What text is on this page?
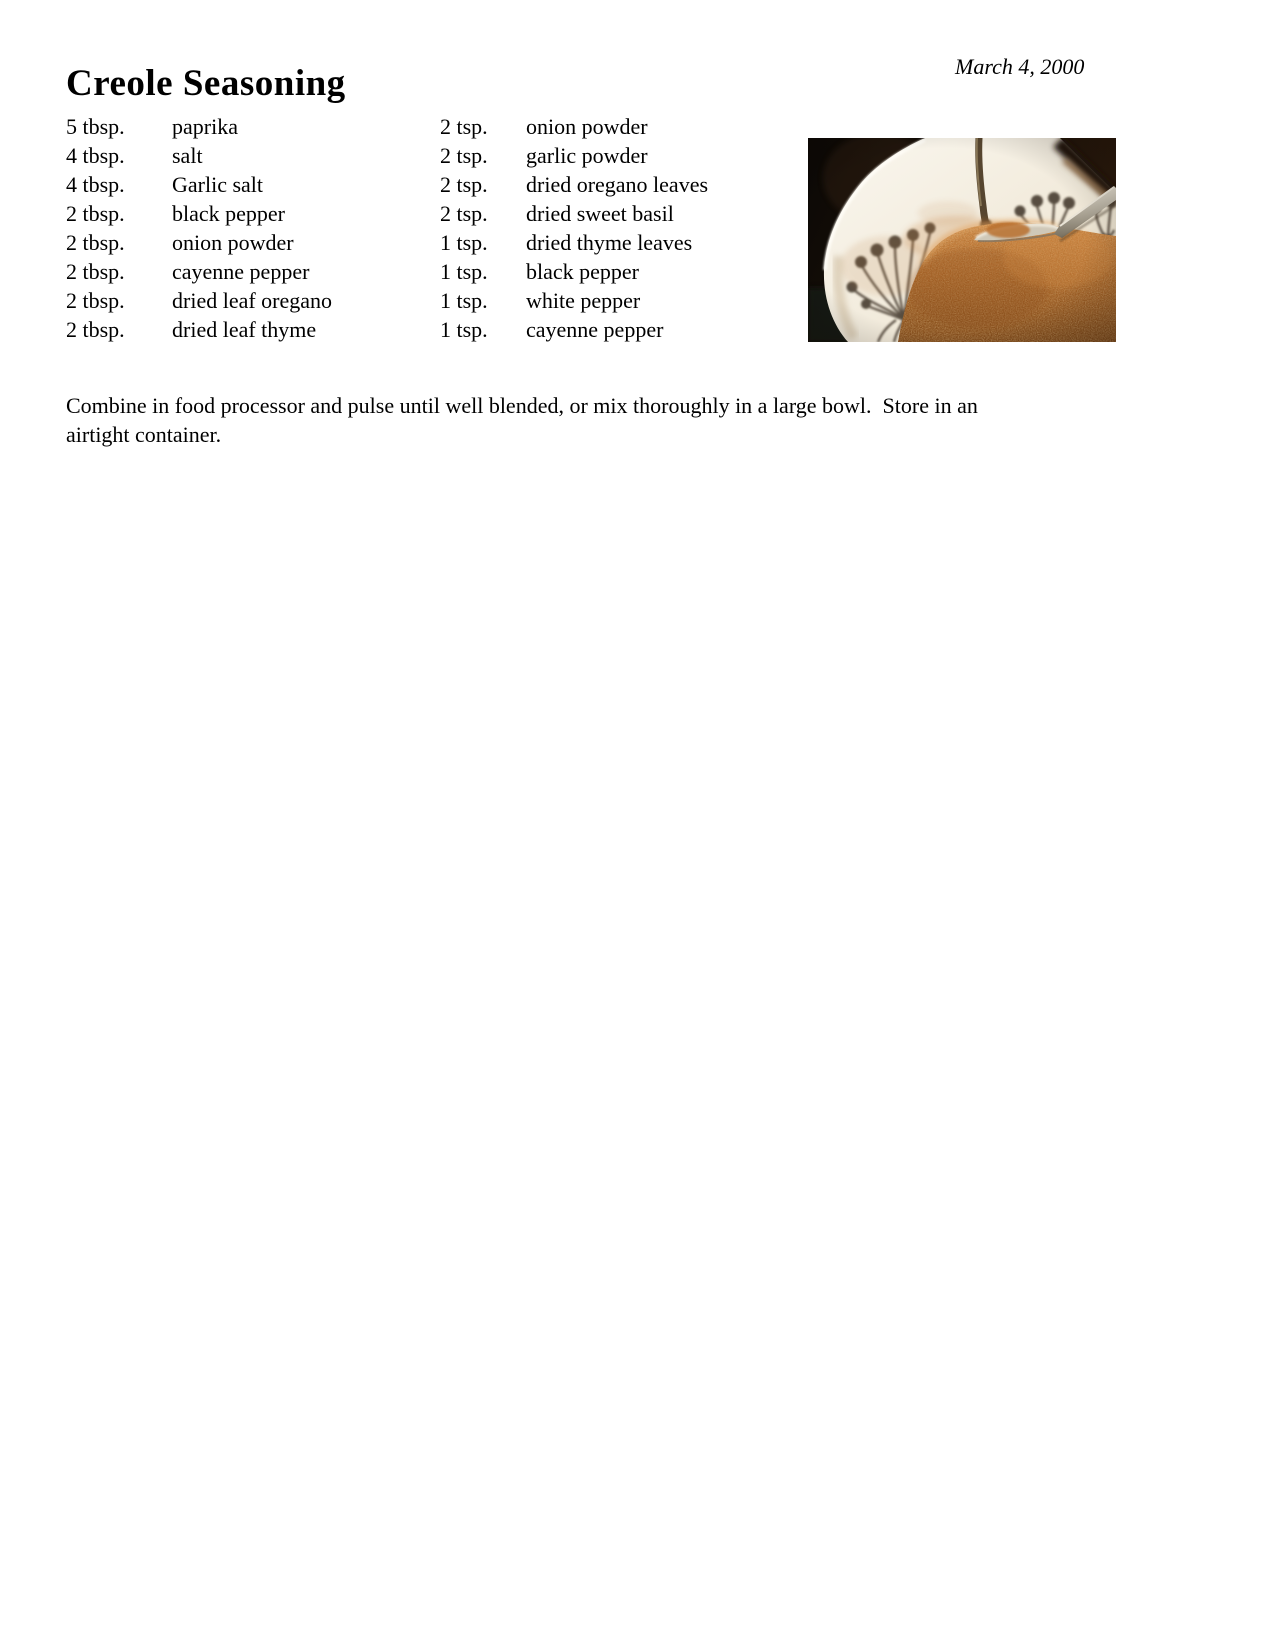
Creole Seasoning	March 4, 2000
5 tbsp. paprika	2 tsp. onion powder
4 tbsp. salt	2 tsp. garlic powder
4 tbsp. Garlic salt	2 tsp. dried oregano leaves
2 tbsp. black pepper	2 tsp. dried sweet basil
2 tbsp. onion powder	1 tsp. dried thyme leaves
2 tbsp. cayenne pepper	1 tsp. black pepper
2 tbsp. dried leaf oregano	1 tsp. white pepper
2 tbsp. dried leaf thyme	1 tsp. cayenne pepper

Combine in food processor and pulse until well blended, or mix thoroughly in a large bowl.  Store in an
airtight container.
